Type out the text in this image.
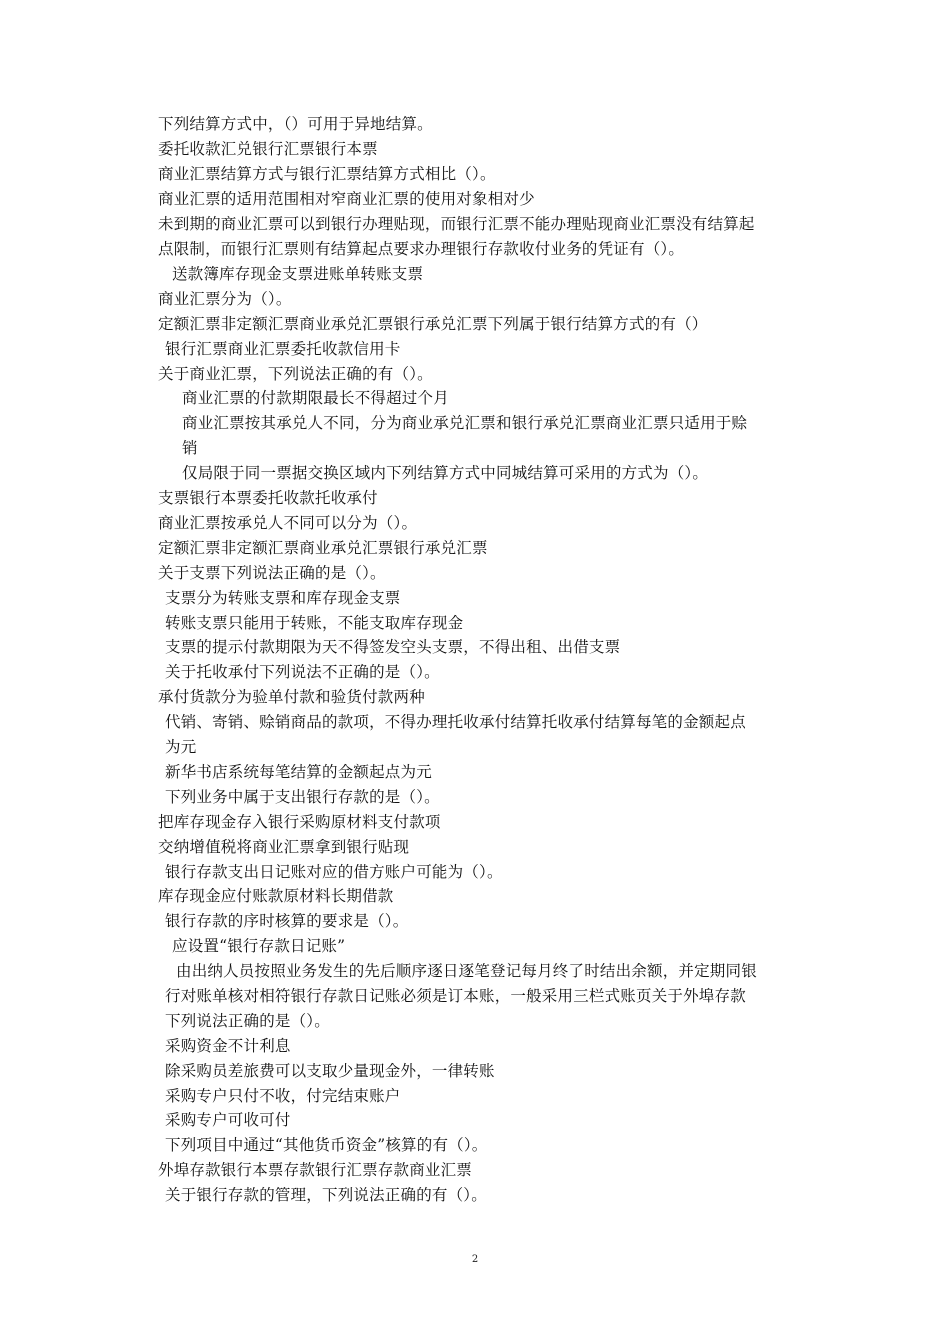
下列结算方式中，（）可用于异地结算。
委托收款汇兑银行汇票银行本票
商业汇票结算方式与银行汇票结算方式相比（）。
商业汇票的适用范围相对窄商业汇票的使用对象相对少
未到期的商业汇票可以到银行办理贴现，而银行汇票不能办理贴现商业汇票没有结算起
点限制，而银行汇票则有结算起点要求办理银行存款收付业务的凭证有（）。
送款簿库存现金支票进账单转账支票
商业汇票分为（）。
定额汇票非定额汇票商业承兑汇票银行承兑汇票下列属于银行结算方式的有（）
银行汇票商业汇票委托收款信用卡
关于商业汇票，下列说法正确的有（）。
商业汇票的付款期限最长不得超过个月
商业汇票按其承兑人不同，分为商业承兑汇票和银行承兑汇票商业汇票只适用于赊
销
仅局限于同一票据交换区域内下列结算方式中同城结算可采用的方式为（）。
支票银行本票委托收款托收承付
商业汇票按承兑人不同可以分为（）。
定额汇票非定额汇票商业承兑汇票银行承兑汇票
关于支票下列说法正确的是（）。
支票分为转账支票和库存现金支票
转账支票只能用于转账，不能支取库存现金
支票的提示付款期限为天不得签发空头支票，不得出租、出借支票
关于托收承付下列说法不正确的是（）。
承付货款分为验单付款和验货付款两种
代销、寄销、赊销商品的款项，不得办理托收承付结算托收承付结算每笔的金额起点
为元
新华书店系统每笔结算的金额起点为元
下列业务中属于支出银行存款的是（）。
把库存现金存入银行采购原材料支付款项
交纳增值税将商业汇票拿到银行贴现
银行存款支出日记账对应的借方账户可能为（）。
库存现金应付账款原材料长期借款
银行存款的序时核算的要求是（）。
应设置“银行存款日记账”
由出纳人员按照业务发生的先后顺序逐日逐笔登记每月终了时结出余额，并定期同银
行对账单核对相符银行存款日记账必须是订本账，一般采用三栏式账页关于外埠存款
下列说法正确的是（）。
采购资金不计利息
除采购员差旅费可以支取少量现金外，一律转账
采购专户只付不收，付完结束账户
采购专户可收可付
下列项目中通过“其他货币资金”核算的有（）。
外埠存款银行本票存款银行汇票存款商业汇票
关于银行存款的管理，下列说法正确的有（）。
2
